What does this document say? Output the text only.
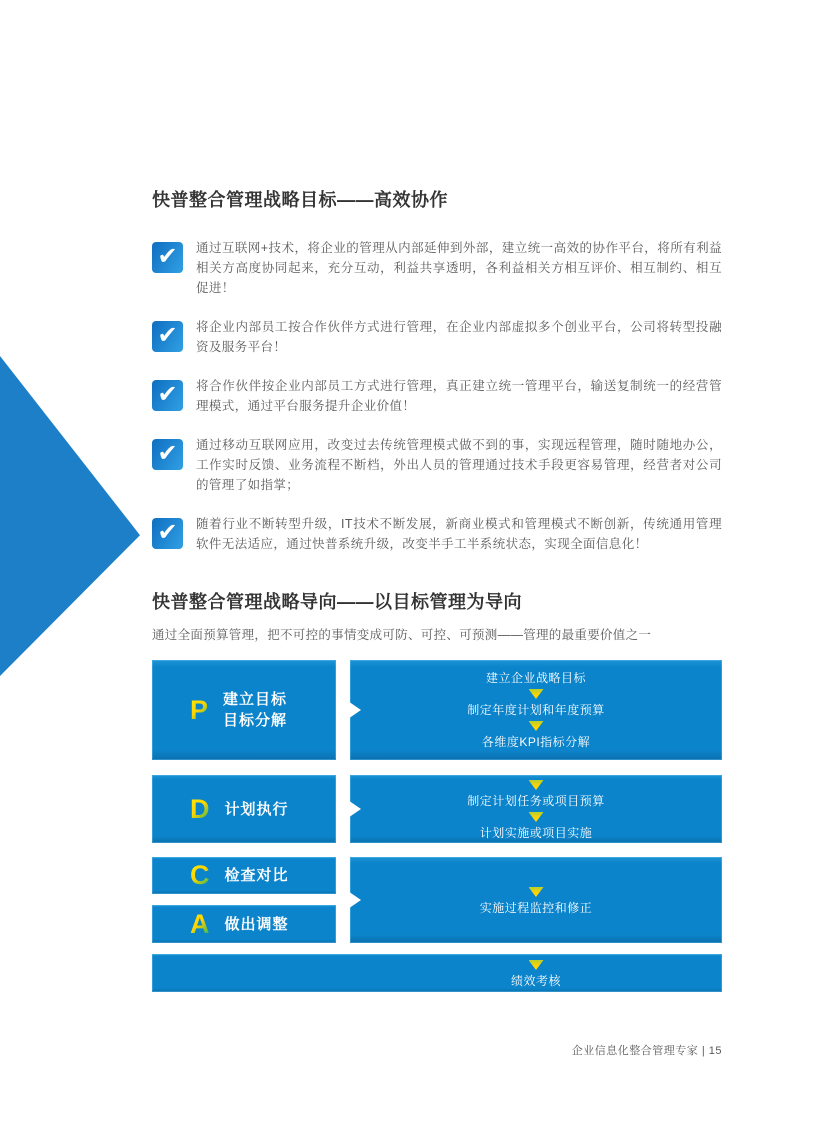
快普整合管理战略目标——高效协作
✔	通过互联网+技术，将企业的管理从内部延伸到外部，建立统一高效的协作平台，将所有利益相关方高度协同起来，充分互动，利益共享透明，各利益相关方相互评价、相互制约、相互促进！
✔	将企业内部员工按合作伙伴方式进行管理，在企业内部虚拟多个创业平台，公司将转型投融资及服务平台！
✔	将合作伙伴按企业内部员工方式进行管理，真正建立统一管理平台，输送复制统一的经营管理模式，通过平台服务提升企业价值！
✔	通过移动互联网应用，改变过去传统管理模式做不到的事，实现远程管理，随时随地办公，工作实时反馈、业务流程不断档，外出人员的管理通过技术手段更容易管理，经营者对公司的管理了如指掌；
✔	随着行业不断转型升级，IT技术不断发展，新商业模式和管理模式不断创新，传统通用管理软件无法适应，通过快普系统升级，改变半手工半系统状态，实现全面信息化！
快普整合管理战略导向——以目标管理为导向
通过全面预算管理，把不可控的事情变成可防、可控、可预测——管理的最重要价值之一
P 建立目标
目标分解
建立企业战略目标
制定年度计划和年度预算
各维度KPI指标分解
D 计划执行	制定计划任务或项目预算
计划实施或项目实施
C 检查对比
A 做出调整
实施过程监控和修正
绩效考核
企业信息化整合管理专家 | 15
